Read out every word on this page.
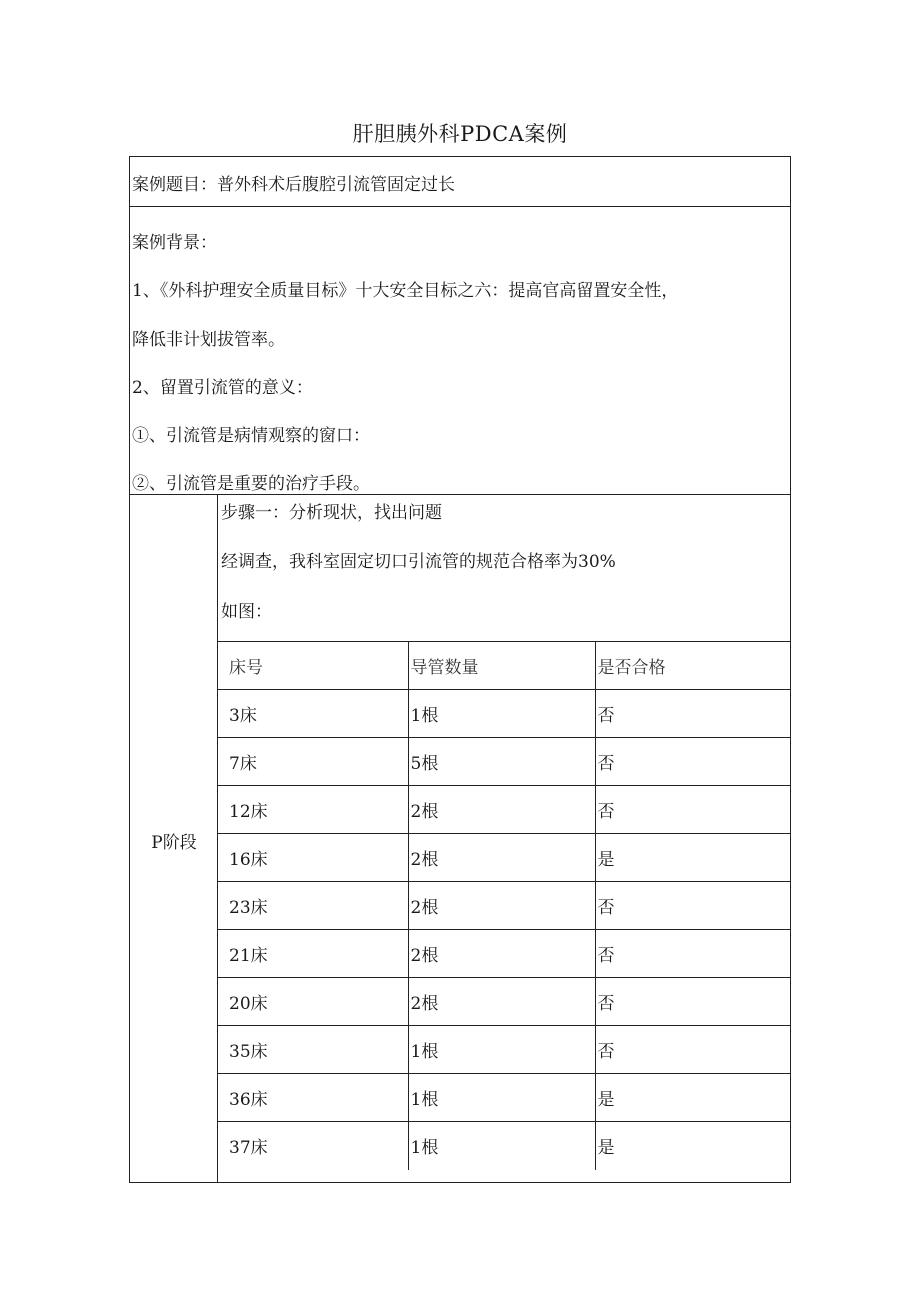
肝胆胰外科PDCA案例
案例题目：普外科术后腹腔引流管固定过长
案例背景：
1、《外科护理安全质量目标》十大安全目标之六：提高官高留置安全性，
降低非计划拔管率。
2、留置引流管的意义：
①、引流管是病情观察的窗口：
②、引流管是重要的治疗手段。
P阶段
步骤一：分析现状，找出问题
经调查，我科室固定切口引流管的规范合格率为30%
如图：
床号	导管数量	是否合格
3床	1根	否
7床	5根	否
12床	2根	否
16床	2根	是
23床	2根	否
21床	2根	否
20床	2根	否
35床	1根	否
36床	1根	是
37床	1根	是
